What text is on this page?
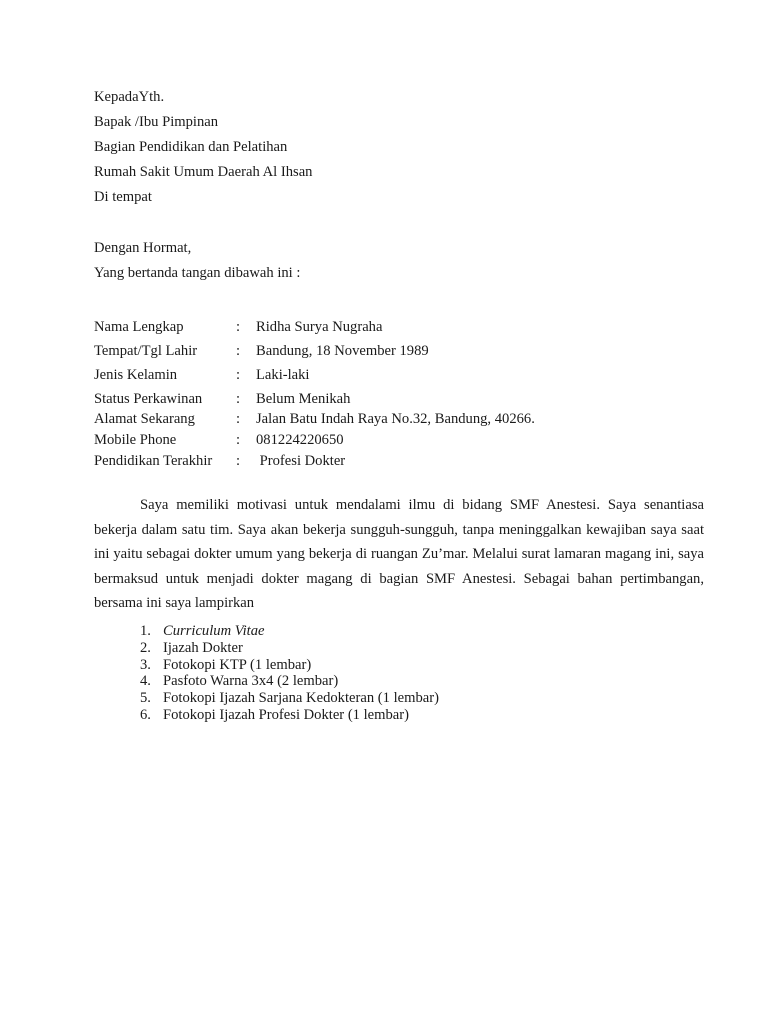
KepadaYth.
Bapak /Ibu Pimpinan
Bagian Pendidikan dan Pelatihan
Rumah Sakit Umum Daerah Al Ihsan
Di tempat
Dengan Hormat,
Yang bertanda tangan dibawah ini :
Nama Lengkap	: Ridha Surya Nugraha
Tempat/Tgl Lahir	: Bandung, 18 November 1989
Jenis Kelamin	: Laki-laki
Status Perkawinan : Belum Menikah
Alamat Sekarang	: Jalan Batu Indah Raya No.32, Bandung, 40266.
Mobile Phone	: 081224220650
Pendidikan Terakhir : Profesi Dokter
Saya memiliki motivasi untuk mendalami ilmu di bidang SMF Anestesi. Saya senantiasa bekerja dalam satu tim. Saya akan bekerja sungguh-sungguh, tanpa meninggalkan kewajiban saya saat ini yaitu sebagai dokter umum yang bekerja di ruangan Zu’mar. Melalui surat lamaran magang ini, saya bermaksud untuk menjadi dokter magang di bagian SMF Anestesi. Sebagai bahan pertimbangan, bersama ini saya lampirkan
1. Curriculum Vitae
2. Ijazah Dokter
3. Fotokopi KTP (1 lembar)
4. Pasfoto Warna 3x4 (2 lembar)
5. Fotokopi Ijazah Sarjana Kedokteran (1 lembar)
6. Fotokopi Ijazah Profesi Dokter (1 lembar)
